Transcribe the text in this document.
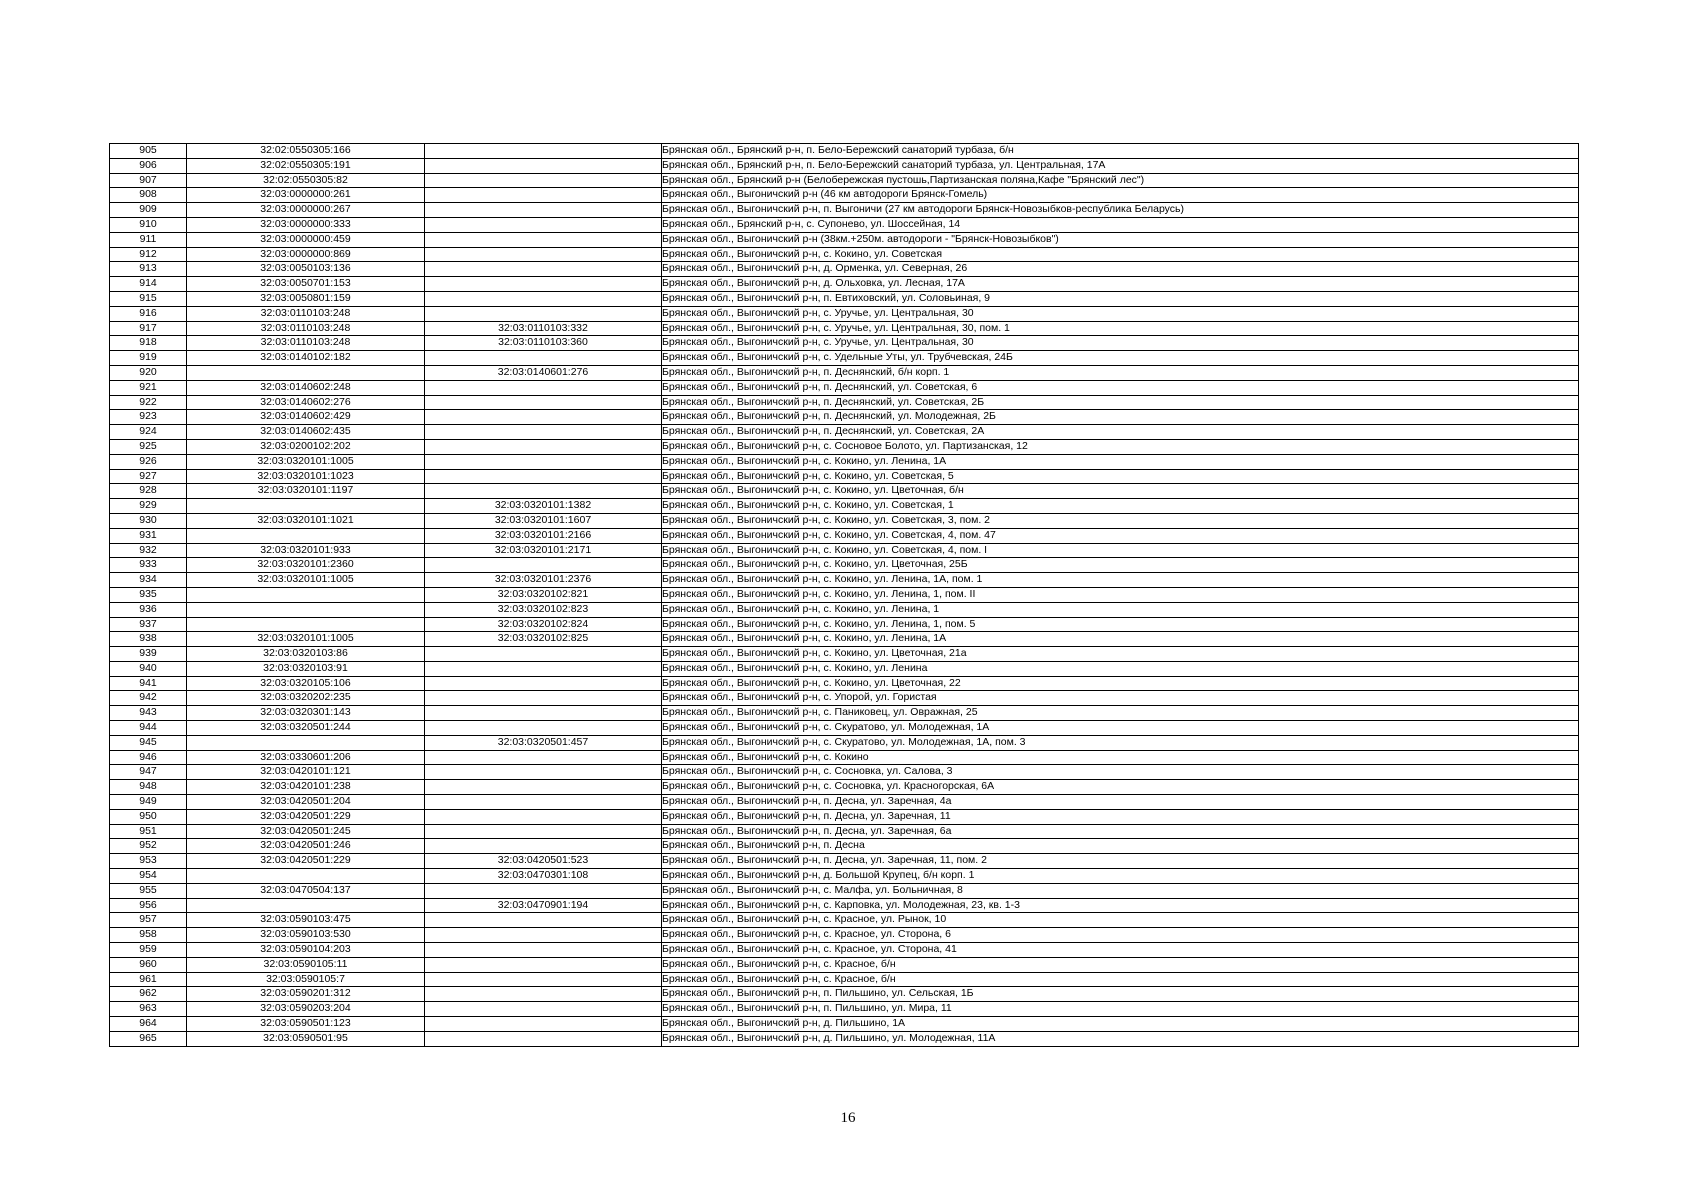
905	32:02:0550305:166		Брянская обл., Брянский р-н, п. Бело-Бережский санаторий турбаза, б/н
906	32:02:0550305:191		Брянская обл., Брянский р-н, п. Бело-Бережский санаторий турбаза, ул. Центральная, 17А
907	32:02:0550305:82		Брянская обл., Брянский р-н (Белобережская пустошь,Партизанская поляна,Кафе "Брянский лес")
908	32:03:0000000:261		Брянская обл., Выгоничский р-н (46 км автодороги Брянск-Гомель)
909	32:03:0000000:267		Брянская обл., Выгоничский р-н, п. Выгоничи (27 км автодороги Брянск-Новозыбков-республика Беларусь)
910	32:03:0000000:333		Брянская обл., Брянский р-н, с. Супонево, ул. Шоссейная, 14
911	32:03:0000000:459		Брянская обл., Выгоничский р-н (38км.+250м. автодороги - "Брянск-Новозыбков")
912	32:03:0000000:869		Брянская обл., Выгоничский р-н, с. Кокино, ул. Советская
913	32:03:0050103:136		Брянская обл., Выгоничский р-н, д. Орменка, ул. Северная, 26
914	32:03:0050701:153		Брянская обл., Выгоничский р-н, д. Ольховка, ул. Лесная, 17А
915	32:03:0050801:159		Брянская обл., Выгоничский р-н, п. Евтиховский, ул. Соловьиная, 9
916	32:03:0110103:248		Брянская обл., Выгоничский р-н, с. Уручье, ул. Центральная, 30
917	32:03:0110103:248	32:03:0110103:332	Брянская обл., Выгоничский р-н, с. Уручье, ул. Центральная, 30, пом. 1
918	32:03:0110103:248	32:03:0110103:360	Брянская обл., Выгоничский р-н, с. Уручье, ул. Центральная, 30
919	32:03:0140102:182		Брянская обл., Выгоничский р-н, с. Удельные Уты, ул. Трубчевская, 24Б
920		32:03:0140601:276	Брянская обл., Выгоничский р-н, п. Деснянский, б/н корп. 1
921	32:03:0140602:248		Брянская обл., Выгоничский р-н, п. Деснянский, ул. Советская, 6
922	32:03:0140602:276		Брянская обл., Выгоничский р-н, п. Деснянский, ул. Советская, 2Б
923	32:03:0140602:429		Брянская обл., Выгоничский р-н, п. Деснянский, ул. Молодежная, 2Б
924	32:03:0140602:435		Брянская обл., Выгоничский р-н, п. Деснянский, ул. Советская, 2А
925	32:03:0200102:202		Брянская обл., Выгоничский р-н, с. Сосновое Болото, ул. Партизанская, 12
926	32:03:0320101:1005		Брянская обл., Выгоничский р-н, с. Кокино, ул. Ленина, 1А
927	32:03:0320101:1023		Брянская обл., Выгоничский р-н, с. Кокино, ул. Советская, 5
928	32:03:0320101:1197		Брянская обл., Выгоничский р-н, с. Кокино, ул. Цветочная, б/н
929		32:03:0320101:1382	Брянская обл., Выгоничский р-н, с. Кокино, ул. Советская, 1
930	32:03:0320101:1021	32:03:0320101:1607	Брянская обл., Выгоничский р-н, с. Кокино, ул. Советская, 3, пом. 2
931		32:03:0320101:2166	Брянская обл., Выгоничский р-н, с. Кокино, ул. Советская, 4, пом. 47
932	32:03:0320101:933	32:03:0320101:2171	Брянская обл., Выгоничский р-н, с. Кокино, ул. Советская, 4, пом. I
933	32:03:0320101:2360		Брянская обл., Выгоничский р-н, с. Кокино, ул. Цветочная, 25Б
934	32:03:0320101:1005	32:03:0320101:2376	Брянская обл., Выгоничский р-н, с. Кокино, ул. Ленина, 1А, пом. 1
935		32:03:0320102:821	Брянская обл., Выгоничский р-н, с. Кокино, ул. Ленина, 1, пом. II
936		32:03:0320102:823	Брянская обл., Выгоничский р-н, с. Кокино, ул. Ленина, 1
937		32:03:0320102:824	Брянская обл., Выгоничский р-н, с. Кокино, ул. Ленина, 1, пом. 5
938	32:03:0320101:1005	32:03:0320102:825	Брянская обл., Выгоничский р-н, с. Кокино, ул. Ленина, 1А
939	32:03:0320103:86		Брянская обл., Выгоничский р-н, с. Кокино, ул. Цветочная, 21а
940	32:03:0320103:91		Брянская обл., Выгоничский р-н, с. Кокино, ул. Ленина
941	32:03:0320105:106		Брянская обл., Выгоничский р-н, с. Кокино, ул. Цветочная, 22
942	32:03:0320202:235		Брянская обл., Выгоничский р-н, с. Упорой, ул. Гористая
943	32:03:0320301:143		Брянская обл., Выгоничский р-н, с. Паниковец, ул. Овражная, 25
944	32:03:0320501:244		Брянская обл., Выгоничский р-н, с. Скуратово, ул. Молодежная, 1А
945		32:03:0320501:457	Брянская обл., Выгоничский р-н, с. Скуратово, ул. Молодежная, 1А, пом. 3
946	32:03:0330601:206		Брянская обл., Выгоничский р-н, с. Кокино
947	32:03:0420101:121		Брянская обл., Выгоничский р-н, с. Сосновка, ул. Салова, 3
948	32:03:0420101:238		Брянская обл., Выгоничский р-н, с. Сосновка, ул. Красногорская, 6А
949	32:03:0420501:204		Брянская обл., Выгоничский р-н, п. Десна, ул. Заречная, 4а
950	32:03:0420501:229		Брянская обл., Выгоничский р-н, п. Десна, ул. Заречная, 11
951	32:03:0420501:245		Брянская обл., Выгоничский р-н, п. Десна, ул. Заречная, 6а
952	32:03:0420501:246		Брянская обл., Выгоничский р-н, п. Десна
953	32:03:0420501:229	32:03:0420501:523	Брянская обл., Выгоничский р-н, п. Десна, ул. Заречная, 11, пом. 2
954		32:03:0470301:108	Брянская обл., Выгоничский р-н, д. Большой Крупец, б/н корп. 1
955	32:03:0470504:137		Брянская обл., Выгоничский р-н, с. Малфа, ул. Больничная, 8
956		32:03:0470901:194	Брянская обл., Выгоничский р-н, с. Карповка, ул. Молодежная, 23, кв. 1-3
957	32:03:0590103:475		Брянская обл., Выгоничский р-н, с. Красное, ул. Рынок, 10
958	32:03:0590103:530		Брянская обл., Выгоничский р-н, с. Красное, ул. Сторона, 6
959	32:03:0590104:203		Брянская обл., Выгоничский р-н, с. Красное, ул. Сторона, 41
960	32:03:0590105:11		Брянская обл., Выгоничский р-н, с. Красное, б/н
961	32:03:0590105:7		Брянская обл., Выгоничский р-н, с. Красное, б/н
962	32:03:0590201:312		Брянская обл., Выгоничский р-н, п. Пильшино, ул. Сельская, 1Б
963	32:03:0590203:204		Брянская обл., Выгоничский р-н, п. Пильшино, ул. Мира, 11
964	32:03:0590501:123		Брянская обл., Выгоничский р-н, д. Пильшино, 1А
965	32:03:0590501:95		Брянская обл., Выгоничский р-н, д. Пильшино, ул. Молодежная, 11А
16
